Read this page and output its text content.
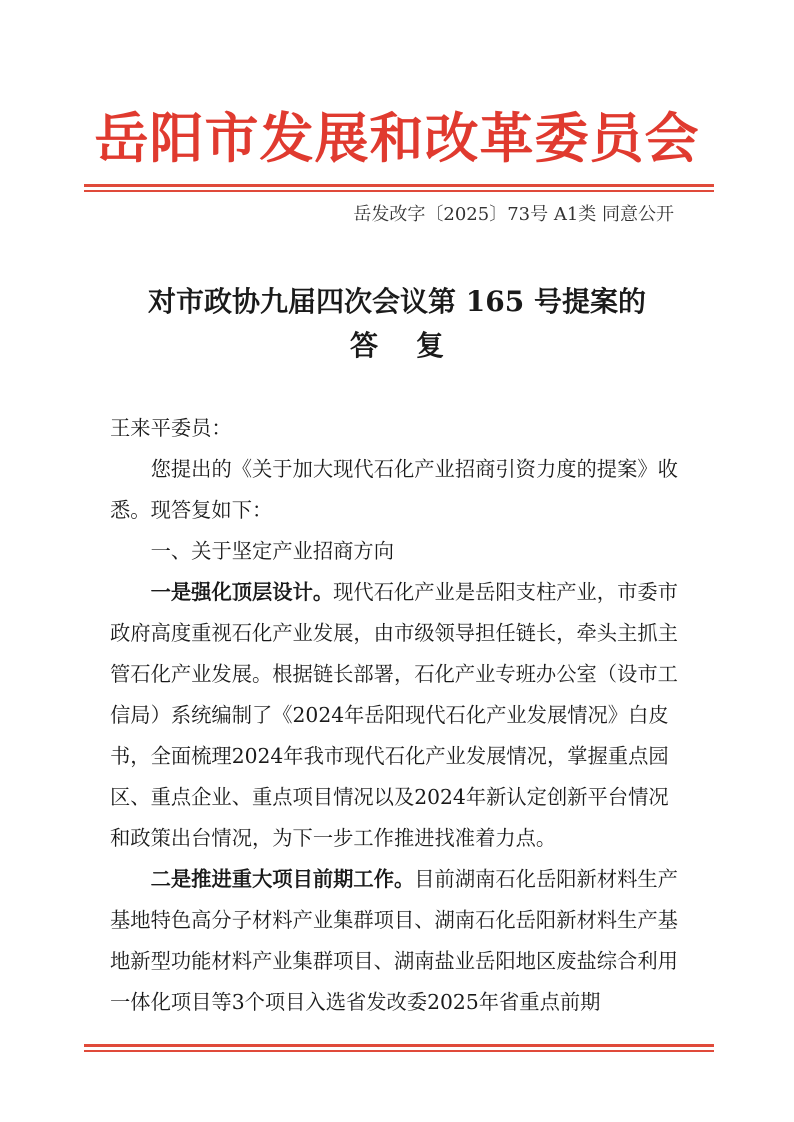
岳阳市发展和改革委员会
岳发改字〔2025〕73号 A1类 同意公开
对市政协九届四次会议第 165 号提案的
答复

王来平委员：

您提出的《关于加大现代石化产业招商引资力度的提案》收悉。现答复如下：

一、关于坚定产业招商方向

一是强化顶层设计。现代石化产业是岳阳支柱产业，市委市政府高度重视石化产业发展，由市级领导担任链长，牵头主抓主管石化产业发展。根据链长部署，石化产业专班办公室（设市工信局）系统编制了《2024年岳阳现代石化产业发展情况》白皮书，全面梳理2024年我市现代石化产业发展情况，掌握重点园区、重点企业、重点项目情况以及2024年新认定创新平台情况和政策出台情况，为下一步工作推进找准着力点。

二是推进重大项目前期工作。目前湖南石化岳阳新材料生产基地特色高分子材料产业集群项目、湖南石化岳阳新材料生产基地新型功能材料产业集群项目、湖南盐业岳阳地区废盐综合利用一体化项目等3个项目入选省发改委2025年省重点前期
